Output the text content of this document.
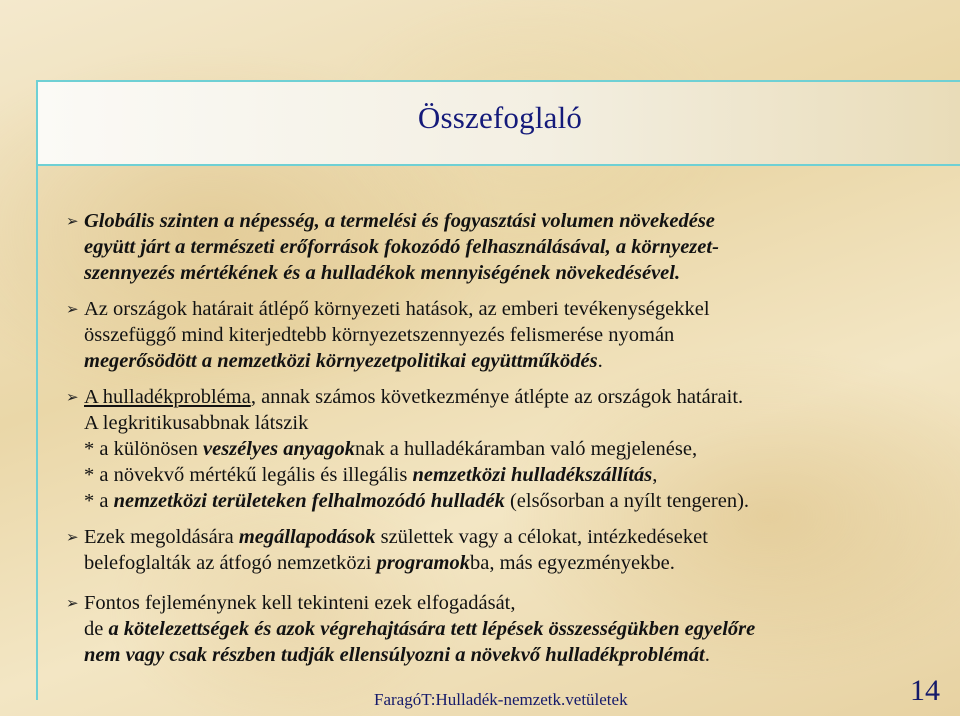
Összefoglaló

➢ Globális szinten a népesség, a termelési és fogyasztási volumen növekedése
együtt járt a természeti erőforrások fokozódó felhasználásával, a környezet-
szennyezés mértékének és a hulladékok mennyiségének növekedésével.

➢ Az országok határait átlépő környezeti hatások, az emberi tevékenységekkel
összefüggő mind kiterjedtebb környezetszennyezés felismerése nyomán
megerősödött a nemzetközi környezetpolitikai együttműködés.

➢ A hulladékprobléma, annak számos következménye átlépte az országok határait.
A legkritikusabbnak látszik
* a különösen veszélyes anyagoknak a hulladékáramban való megjelenése,
* a növekvő mértékű legális és illegális nemzetközi hulladékszállítás,
* a nemzetközi területeken felhalmozódó hulladék (elsősorban a nyílt tengeren).

➢ Ezek megoldására megállapodások születtek vagy a célokat, intézkedéseket
belefoglalták az átfogó nemzetközi programokba, más egyezményekbe.

➢ Fontos fejleménynek kell tekinteni ezek elfogadását,
de a kötelezettségek és azok végrehajtására tett lépések összességükben egyelőre
nem vagy csak részben tudják ellensúlyozni a növekvő hulladékproblémát.

FaragóT:Hulladék-nemzetk.vetületek	14
